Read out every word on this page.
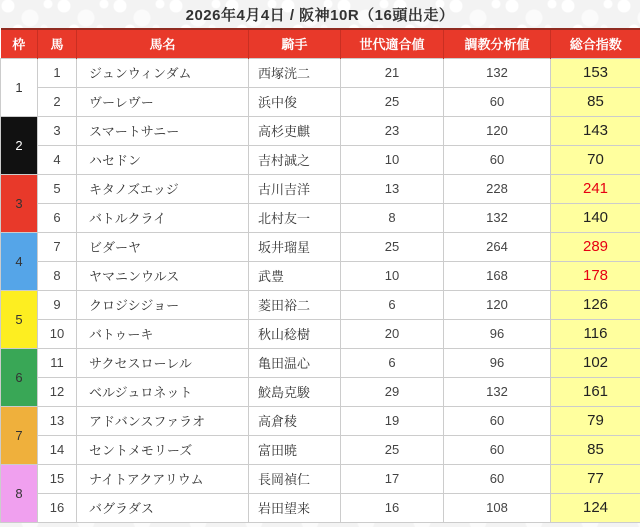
2026年4月4日 / 阪神10R（16頭出走）
枠	馬	馬名	騎手	世代適合値	調教分析値	総合指数
1	1	ジュンウィンダム	西塚洸二	21	132	153
	2	ヴーレヴー	浜中俊	25	60	85
2	3	スマートサニー	高杉吏麒	23	120	143
	4	ハセドン	吉村誠之	10	60	70
3	5	キタノズエッジ	古川吉洋	13	228	241
	6	バトルクライ	北村友一	8	132	140
4	7	ビダーヤ	坂井瑠星	25	264	289
	8	ヤマニンウルス	武豊	10	168	178
5	9	クロジシジョー	菱田裕二	6	120	126
	10	バトゥーキ	秋山稔樹	20	96	116
6	11	サクセスローレル	亀田温心	6	96	102
	12	ベルジュロネット	鮫島克駿	29	132	161
7	13	アドバンスファラオ	高倉稜	19	60	79
	14	セントメモリーズ	富田暁	25	60	85
8	15	ナイトアクアリウム	長岡禎仁	17	60	77
	16	バグラダス	岩田望来	16	108	124
